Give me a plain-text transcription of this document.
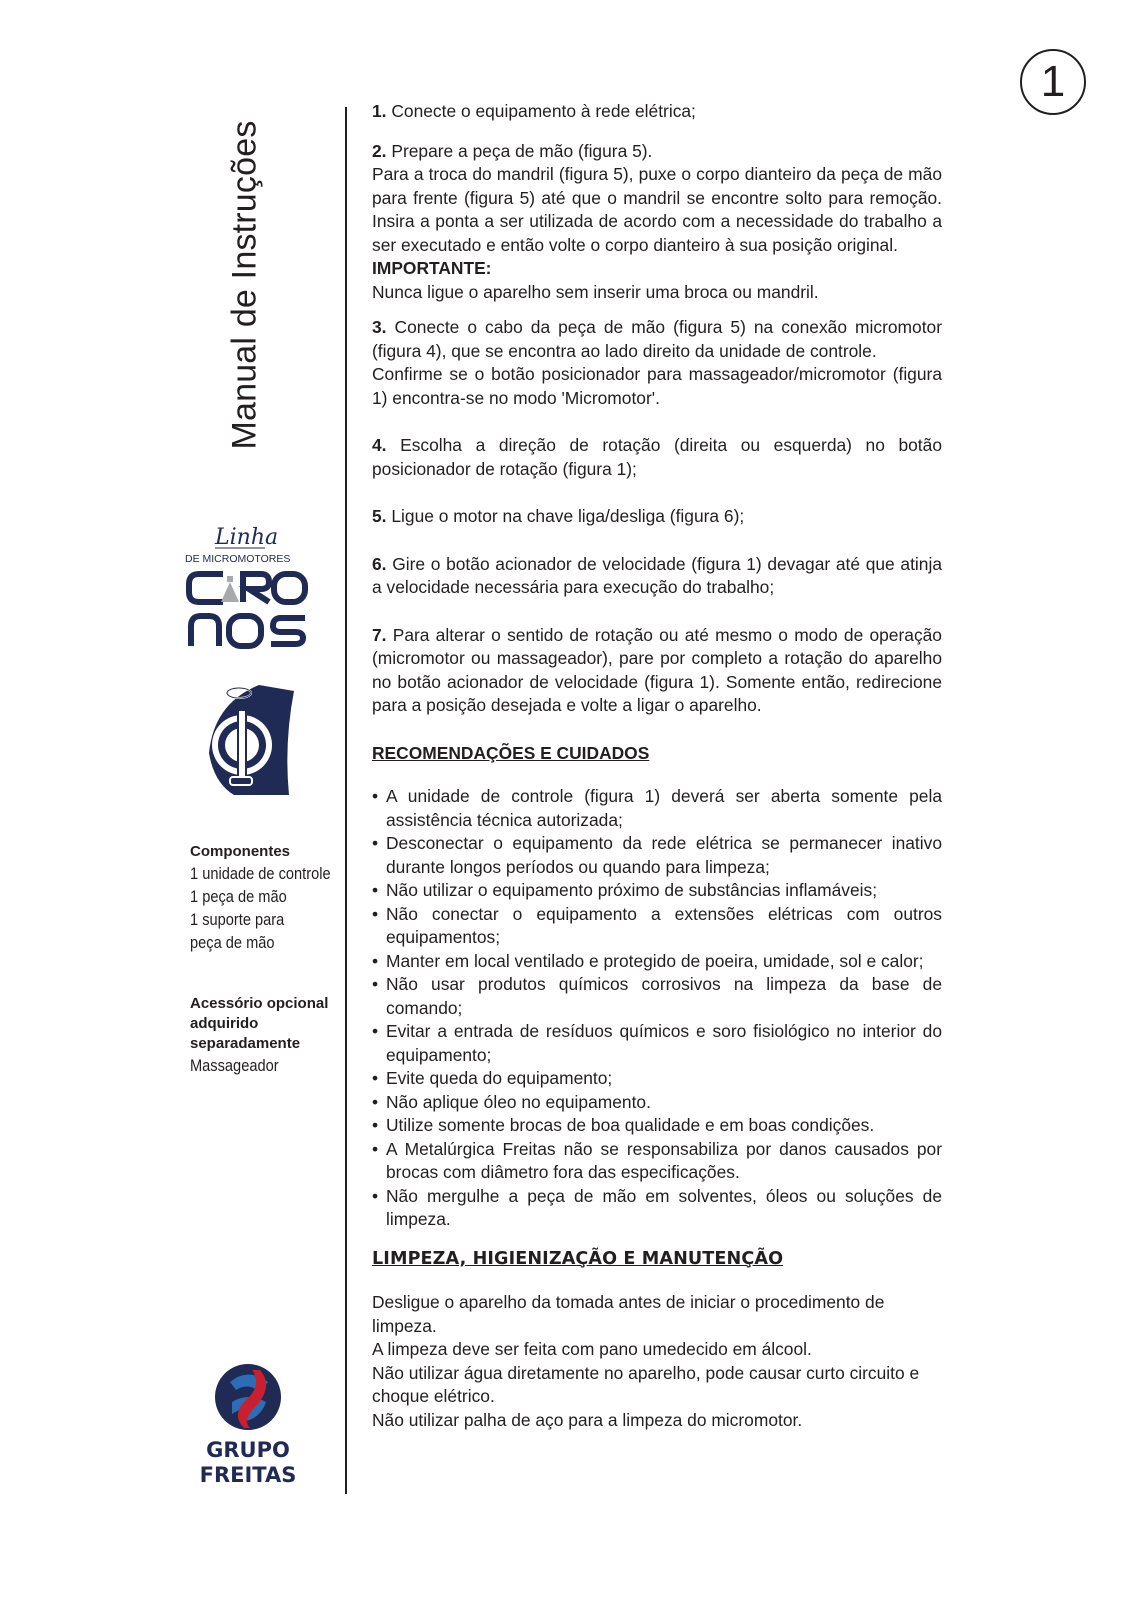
1
Manual de Instruções
Linha
DE MICROMOTORES
Componentes
1 unidade de controle
1 peça de mão
1 suporte para
peça de mão
Acessório opcional
adquirido
separadamente
Massageador
GRUPO
FREITAS

1. Conecte o equipamento à rede elétrica;

2. Prepare a peça de mão (figura 5).

Para a troca do mandril (figura 5), puxe o corpo dianteiro da peça de mão para frente (figura 5) até que o mandril se encontre solto para remoção. Insira a ponta a ser utilizada de acordo com a necessidade do trabalho a ser executado e então volte o corpo dianteiro à sua posição original.

IMPORTANTE:

Nunca ligue o aparelho sem inserir uma broca ou mandril.

3. Conecte o cabo da peça de mão (figura 5) na conexão micromotor (figura 4), que se encontra ao lado direito da unidade de controle.

Confirme se o botão posicionador para massageador/micromotor (figura 1) encontra-se no modo 'Micromotor'.

4. Escolha a direção de rotação (direita ou esquerda) no botão posicionador de rotação (figura 1);

5. Ligue o motor na chave liga/desliga (figura 6);

6. Gire o botão acionador de velocidade (figura 1) devagar até que atinja a velocidade necessária para execução do trabalho;

7. Para alterar o sentido de rotação ou até mesmo o modo de operação (micromotor ou massageador), pare por completo a rotação do aparelho no botão acionador de velocidade (figura 1). Somente então, redirecione para a posição desejada e volte a ligar o aparelho.

RECOMENDAÇÕES E CUIDADOS
• A unidade de controle (figura 1) deverá ser aberta somente pela assistência técnica autorizada;
• Desconectar o equipamento da rede elétrica se permanecer inativo durante longos períodos ou quando para limpeza;
• Não utilizar o equipamento próximo de substâncias inflamáveis;
• Não conectar o equipamento a extensões elétricas com outros equipamentos;
• Manter em local ventilado e protegido de poeira, umidade, sol e calor;
• Não usar produtos químicos corrosivos na limpeza da base de comando;
• Evitar a entrada de resíduos químicos e soro fisiológico no interior do equipamento;
• Evite queda do equipamento;
• Não aplique óleo no equipamento.
• Utilize somente brocas de boa qualidade e em boas condições.
• A Metalúrgica Freitas não se responsabiliza por danos causados por brocas com diâmetro fora das especificações.
• Não mergulhe a peça de mão em solventes, óleos ou soluções de limpeza.
LIMPEZA, HIGIENIZAÇÃO E MANUTENÇÃO

Desligue o aparelho da tomada antes de iniciar o procedimento de limpeza.

A limpeza deve ser feita com pano umedecido em álcool.

Não utilizar água diretamente no aparelho, pode causar curto circuito e choque elétrico.

Não utilizar palha de aço para a limpeza do micromotor.
